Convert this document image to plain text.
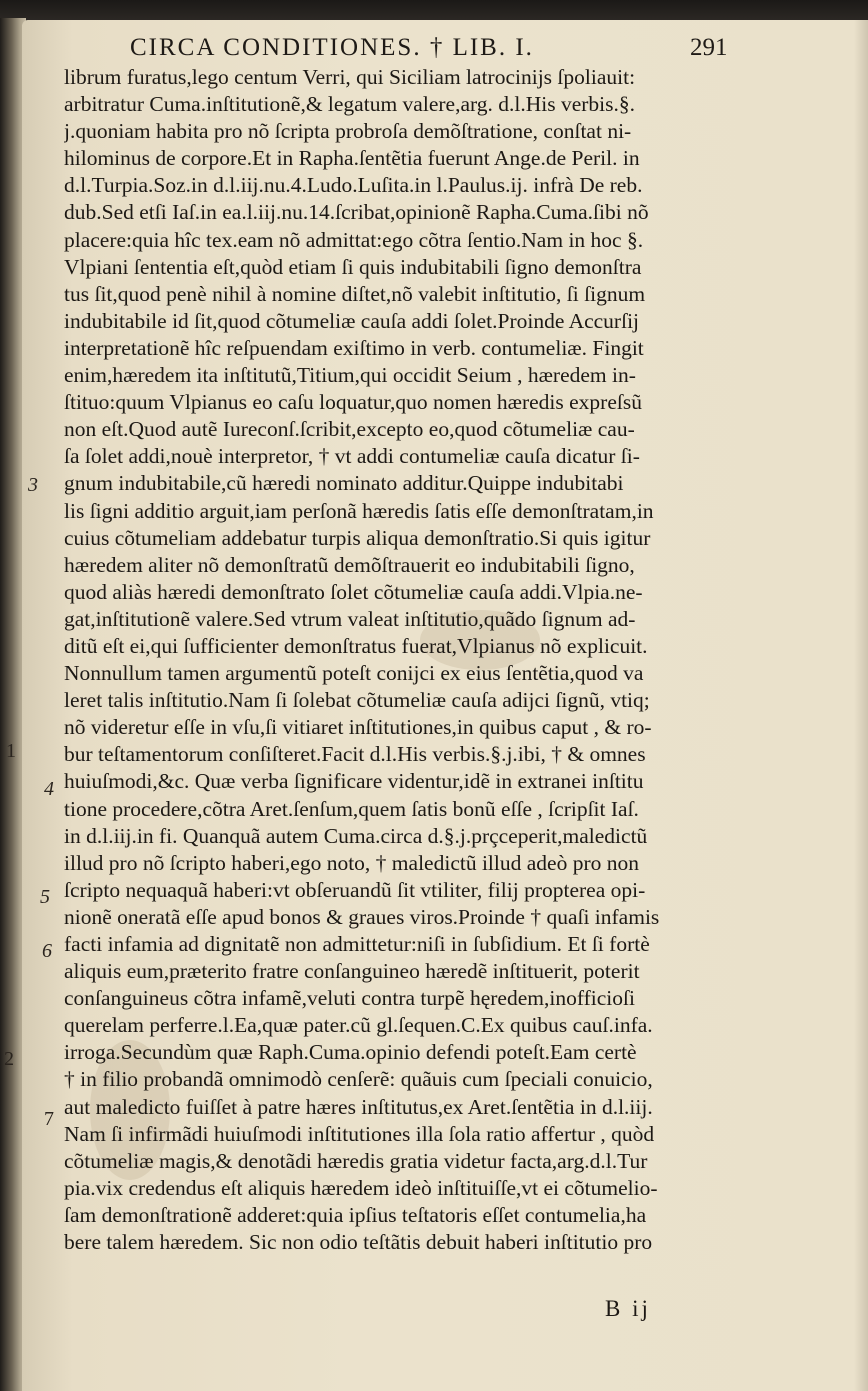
CIRCA CONDITIONES. † LIB. I.	291
librum furatus,lego centum Verri, qui Siciliam latrocinijs ſpoliauit:
arbitratur Cuma.inſtitutionẽ,& legatum valere,arg. d.l.His verbis.§.
j.quoniam habita pro nõ ſcripta probroſa demõſtratione, conſtat ni-
hilominus de corpore.Et in Rapha.ſentẽtia fuerunt Ange.de Peril. in
d.l.Turpia.Soz.in d.l.iij.nu.4.Ludo.Luſita.in l.Paulus.ij. infrà De reb.
dub.Sed etſi Iaſ.in ea.l.iij.nu.14.ſcribat,opinionẽ Rapha.Cuma.ſibi nõ
placere:quia hîc tex.eam nõ admittat:ego cõtra ſentio.Nam in hoc §.
Vlpiani ſententia eſt,quòd etiam ſi quis indubitabili ſigno demonſtra
tus ſit,quod penè nihil à nomine diſtet,nõ valebit inſtitutio, ſi ſignum
indubitabile id ſit,quod cõtumeliæ cauſa addi ſolet.Proinde Accurſij
interpretationẽ hîc reſpuendam exiſtimo in verb. contumeliæ. Fingit
enim,hæredem ita inſtitutũ,Titium,qui occidit Seium , hæredem in-
ſtituo:quum Vlpianus eo caſu loquatur,quo nomen hæredis expreſsũ
non eſt.Quod autẽ Iureconſ.ſcribit,excepto eo,quod cõtumeliæ cau-
ſa ſolet addi,nouè interpretor, † vt addi contumeliæ cauſa dicatur ſi-
gnum indubitabile,cũ hæredi nominato additur.Quippe indubitabi
lis ſigni additio arguit,iam perſonã hæredis ſatis eſſe demonſtratam,in
cuius cõtumeliam addebatur turpis aliqua demonſtratio.Si quis igitur
hæredem aliter nõ demonſtratũ demõſtrauerit eo indubitabili ſigno,
quod aliàs hæredi demonſtrato ſolet cõtumeliæ cauſa addi.Vlpia.ne-
gat,inſtitutionẽ valere.Sed vtrum valeat inſtitutio,quãdo ſignum ad-
ditũ eſt ei,qui ſufficienter demonſtratus fuerat,Vlpianus nõ explicuit.
Nonnullum tamen argumentũ poteſt conijci ex eius ſentẽtia,quod va
leret talis inſtitutio.Nam ſi ſolebat cõtumeliæ cauſa adijci ſignũ, vtiq;
nõ videretur eſſe in vſu,ſi vitiaret inſtitutiones,in quibus caput , & ro-
bur teſtamentorum conſiſteret.Facit d.l.His verbis.§.j.ibi, † & omnes
huiuſmodi,&c. Quæ verba ſignificare videntur,idẽ in extranei inſtitu
tione procedere,cõtra Aret.ſenſum,quem ſatis bonũ eſſe , ſcripſit Iaſ.
in d.l.iij.in fi. Quanquã autem Cuma.circa d.§.j.prçceperit,maledictũ
illud pro nõ ſcripto haberi,ego noto, † maledictũ illud adeò pro non
ſcripto nequaquã haberi:vt obſeruandũ ſit vtiliter, filij propterea opi-
nionẽ oneratã eſſe apud bonos & graues viros.Proinde † quaſi infamis
facti infamia ad dignitatẽ non admittetur:niſi in ſubſidium. Et ſi fortè
aliquis eum,præterito fratre conſanguineo hæredẽ inſtituerit, poterit
conſanguineus cõtra infamẽ,veluti contra turpẽ hęredem,inofficioſi
querelam perferre.l.Ea,quæ pater.cũ gl.ſequen.C.Ex quibus cauſ.infa.
irroga.Secundùm quæ Raph.Cuma.opinio defendi poteſt.Eam certè
† in filio probandã omnimodò cenſerẽ: quãuis cum ſpeciali conuicio,
aut maledicto fuiſſet à patre hæres inſtitutus,ex Aret.ſentẽtia in d.l.iij.
Nam ſi infirmãdi huiuſmodi inſtitutiones illa ſola ratio affertur , quòd
cõtumeliæ magis,& denotãdi hæredis gratia videtur facta,arg.d.l.Tur
pia.vix credendus eſt aliquis hæredem ideò inſtituiſſe,vt ei cõtumelio-
ſam demonſtrationẽ adderet:quia ipſius teſtatoris eſſet contumelia,ha
bere talem hæredem. Sic non odio teſtãtis debuit haberi inſtitutio pro
3
1
4
5
6
2
7
B ij
